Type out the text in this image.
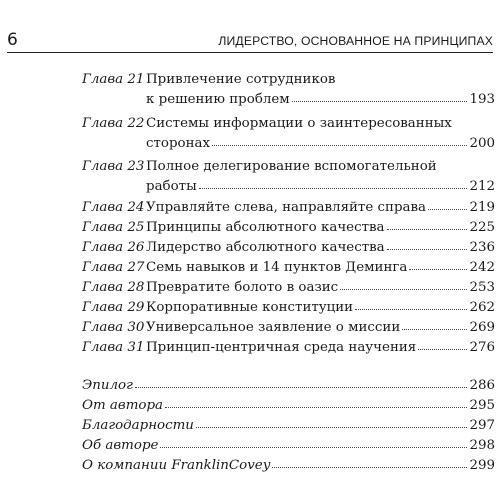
6	ЛИДЕРСТВО, ОСНОВАННОЕ НА ПРИНЦИПАХ
Глава 21 Привлечение сотрудников
к решению проблем	193
Глава 22 Системы информации о заинтересованных
сторонах	200
Глава 23 Полное делегирование вспомогательной
работы	212
Глава 24 Управляйте слева, направляйте справа	219
Глава 25 Принципы абсолютного качества	225
Глава 26 Лидерство абсолютного качества	236
Глава 27 Семь навыков и 14 пунктов Деминга	242
Глава 28 Превратите болото в оазис	253
Глава 29 Корпоративные конституции	262
Глава 30 Универсальное заявление о миссии	269
Глава 31 Принцип-центричная среда научения	276
Эпилог	286
От автора	295
Благодарности	297
Об авторе	298
О компании FranklinCovey	299
